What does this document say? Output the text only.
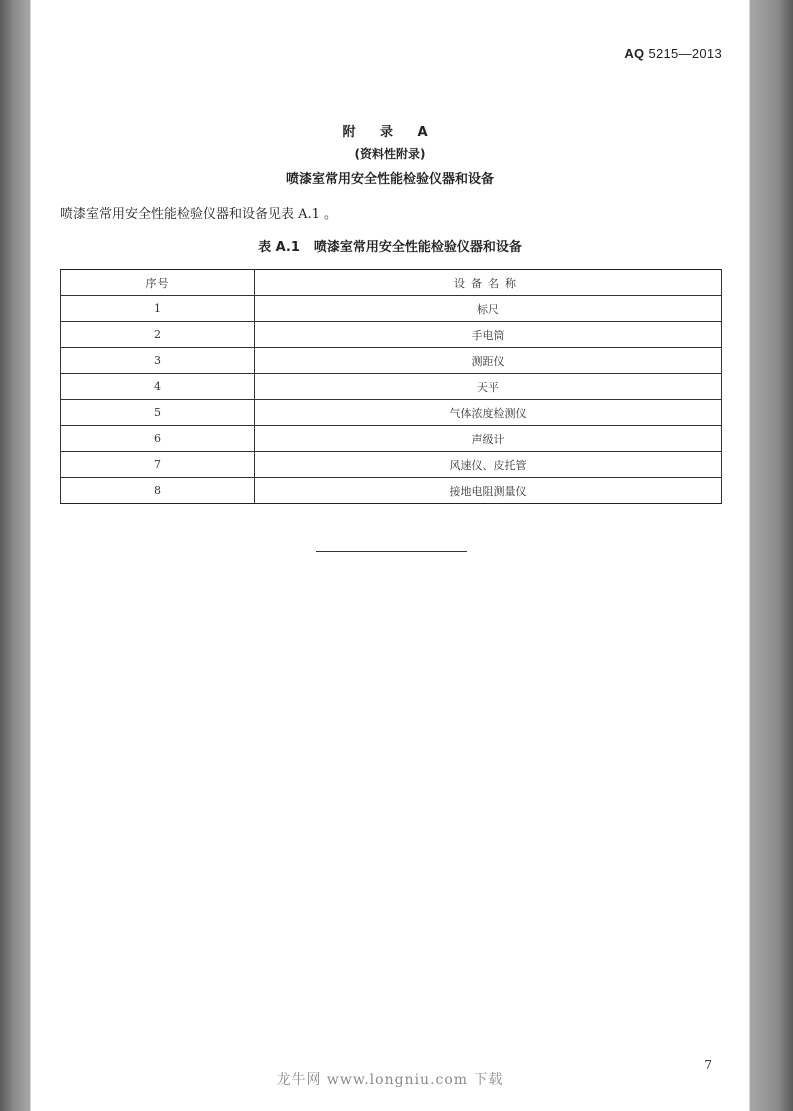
AQ 5215—2013
附 录 A
(资料性附录)
喷漆室常用安全性能检验仪器和设备
喷漆室常用安全性能检验仪器和设备见表 A.1 。
表 A.1 喷漆室常用安全性能检验仪器和设备
序号	设备名称
1	标尺
2	手电筒
3	测距仪
4	天平
5	气体浓度检测仪
6	声级计
7	风速仪、皮托管
8	接地电阻测量仪
7
龙牛网 www.longniu.com 下载
